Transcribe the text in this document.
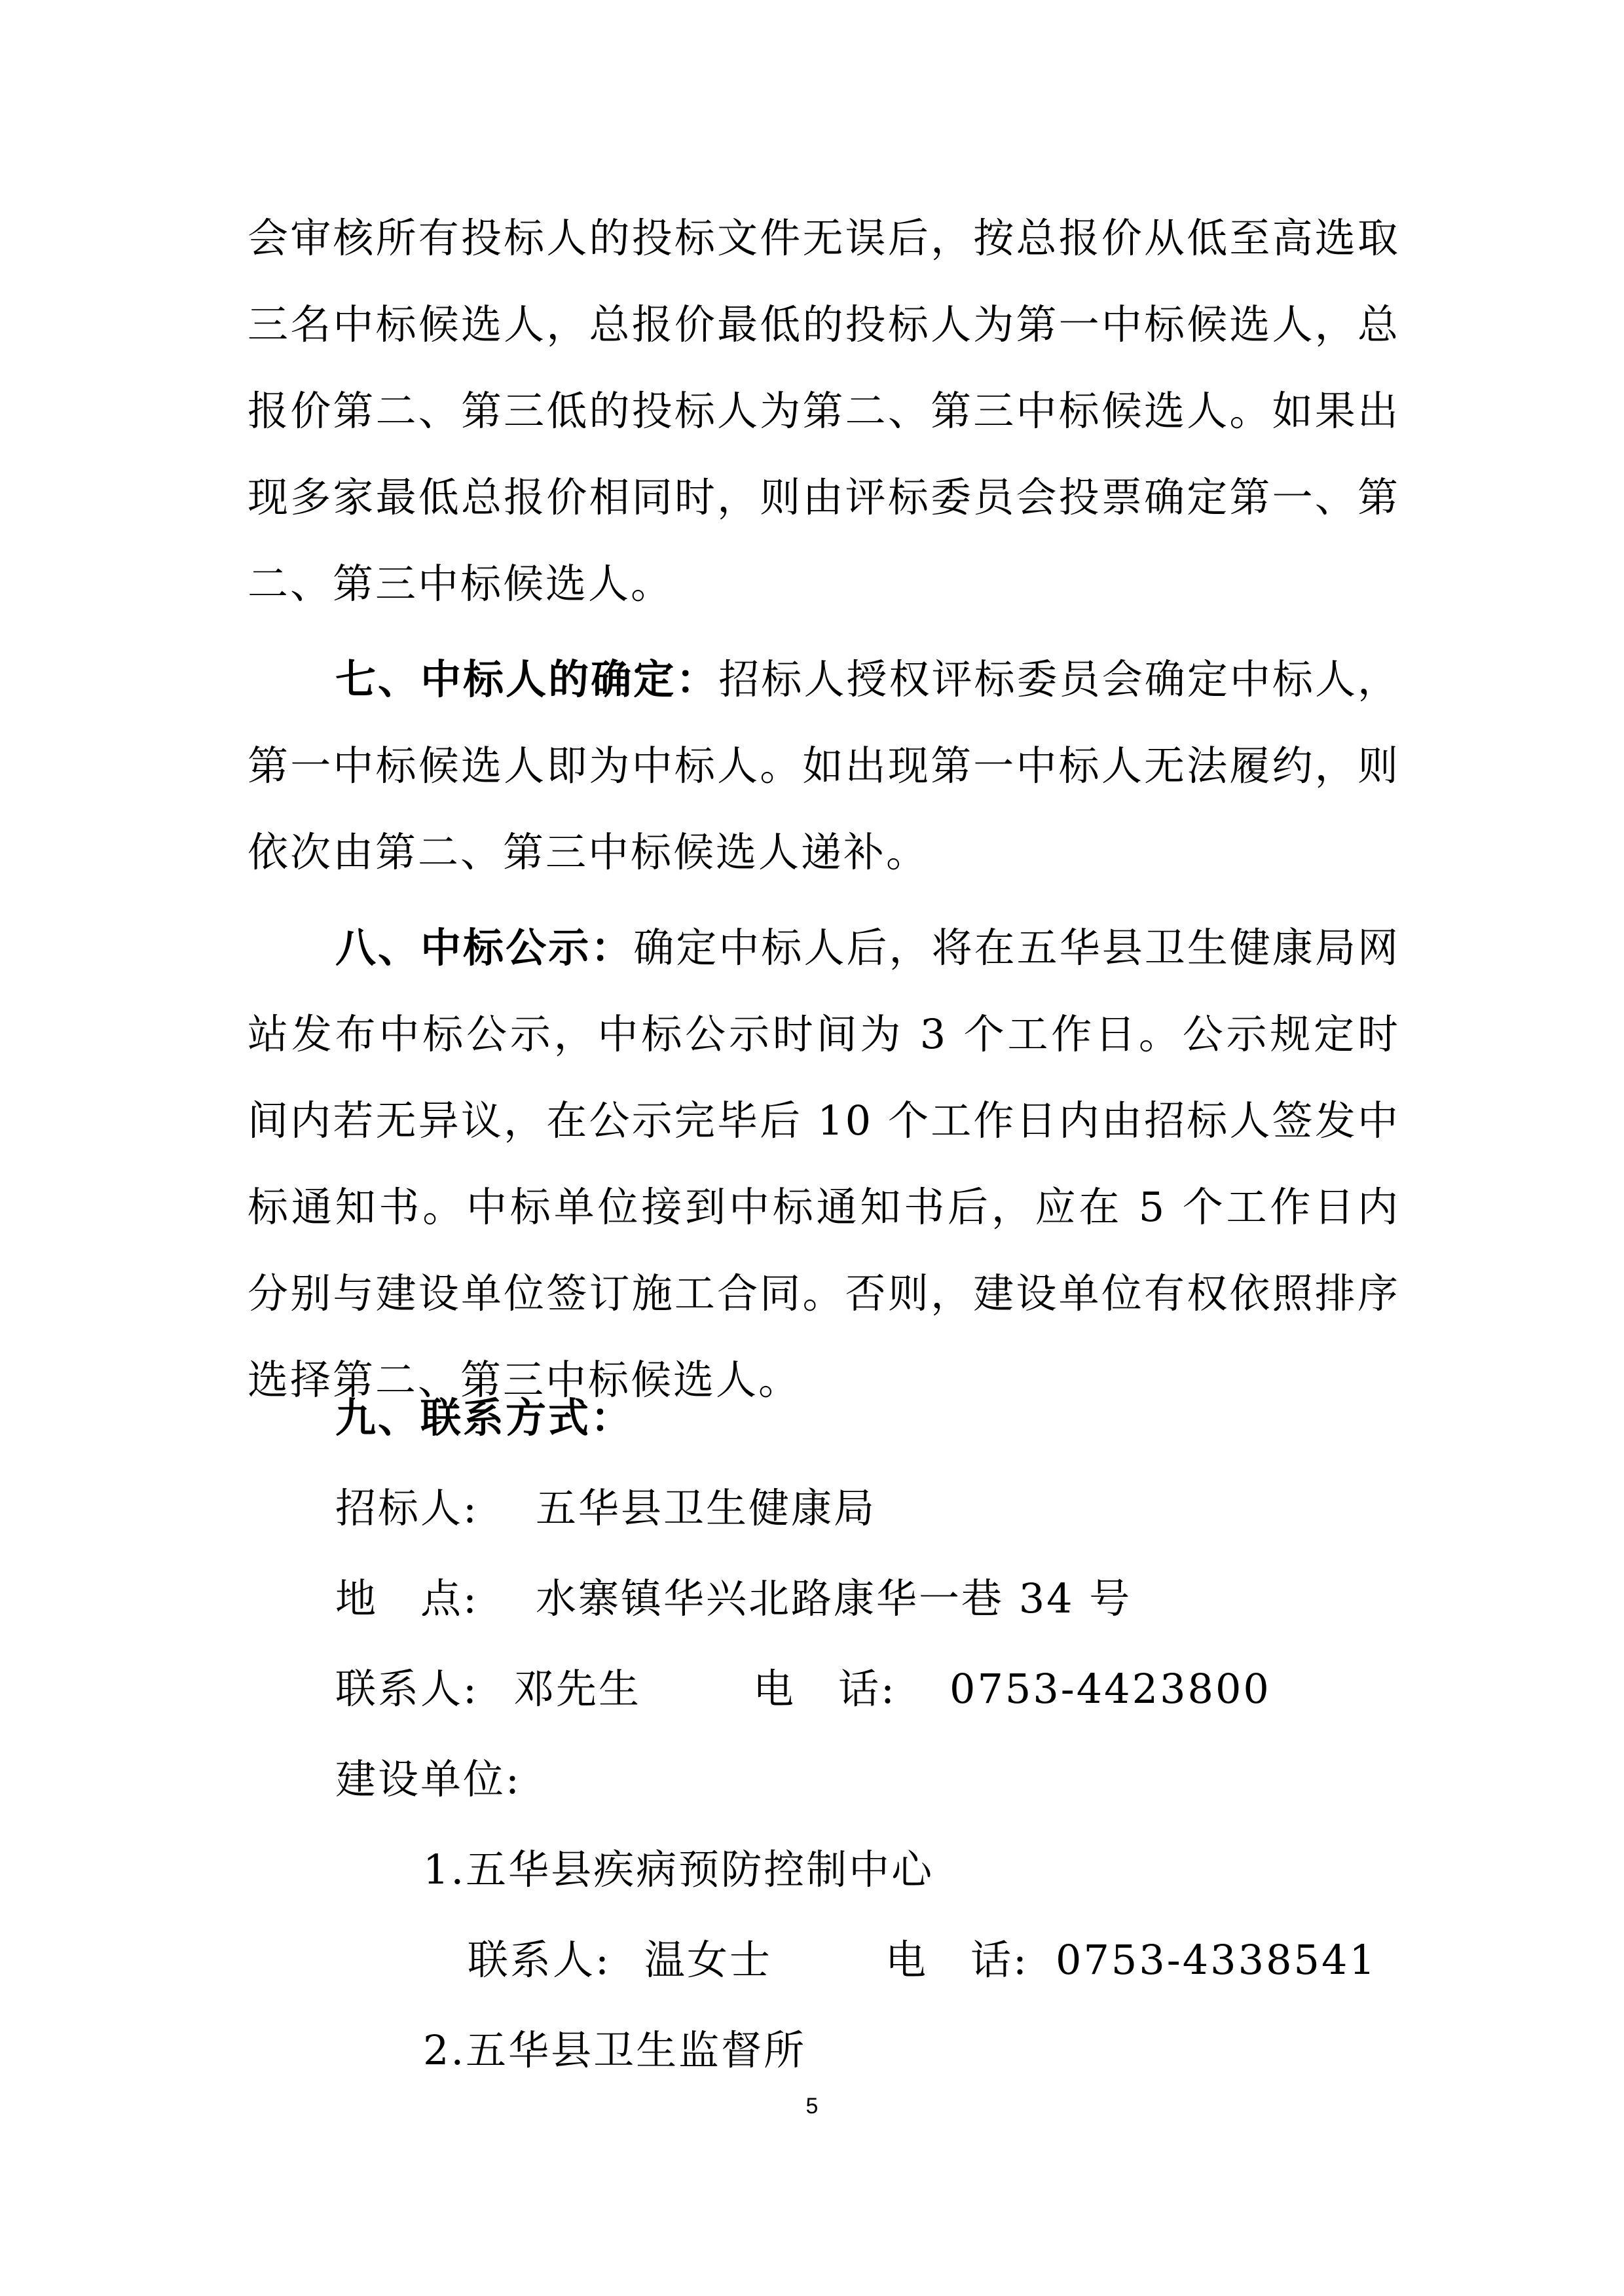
会审核所有投标人的投标文件无误后，按总报价从低至高选取三名中标候选人，总报价最低的投标人为第一中标候选人，总报价第二、第三低的投标人为第二、第三中标候选人。如果出现多家最低总报价相同时，则由评标委员会投票确定第一、第二、第三中标候选人。

七、中标人的确定：招标人授权评标委员会确定中标人，第一中标候选人即为中标人。如出现第一中标人无法履约，则依次由第二、第三中标候选人递补。

八、中标公示：确定中标人后，将在五华县卫生健康局网站发布中标公示，中标公示时间为 3 个工作日。公示规定时间内若无异议，在公示完毕后 10 个工作日内由招标人签发中标通知书。中标单位接到中标通知书后，应在 5 个工作日内分别与建设单位签订施工合同。否则，建设单位有权依照排序选择第二、第三中标候选人。

九、联系方式：
招标人: 五华县卫生健康局
地　点: 水寨镇华兴北路康华一巷 34 号
联系人: 邓先生	电　话: 0753-4423800
建设单位:
1.五华县疾病预防控制中心
联系人: 温女士	电　话: 0753-4338541
2.五华县卫生监督所
5
